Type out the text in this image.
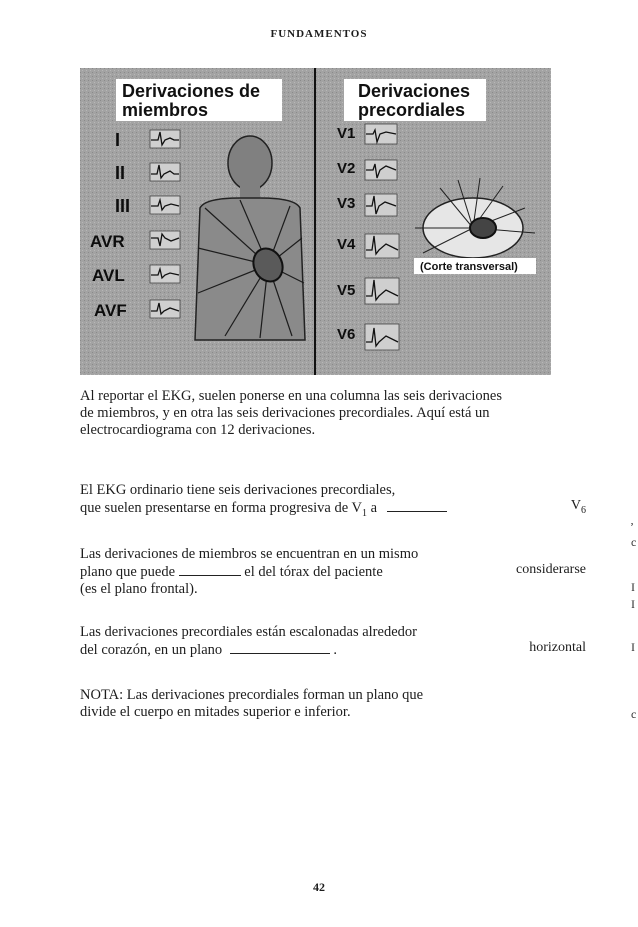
FUNDAMENTOS
Derivaciones de
miembros
Derivaciones
precordiales
I
II
III
AVR
AVL
AVF
V1
V2
V3
V4
V5
V6
(Corte transversal)
Al reportar el EKG, suelen ponerse en una columna las seis derivaciones
de miembros, y en otra las seis derivaciones precordiales. Aquí está un
electrocardiograma con 12 derivaciones.
El EKG ordinario tiene seis derivaciones precordiales,
que suelen presentarse en forma progresiva de $V_1$ a	$V_6$
Las derivaciones de miembros se encuentran en un mismo
plano que puede	el del tórax del paciente
(es el plano frontal).
considerarse
Las derivaciones precordiales están escalonadas alrededor
del corazón, en un plano	.	horizontal
NOTA: Las derivaciones precordiales forman un plano que
divide el cuerpo en mitades superior e inferior.
ʼ
c
I
I
I
c
42
